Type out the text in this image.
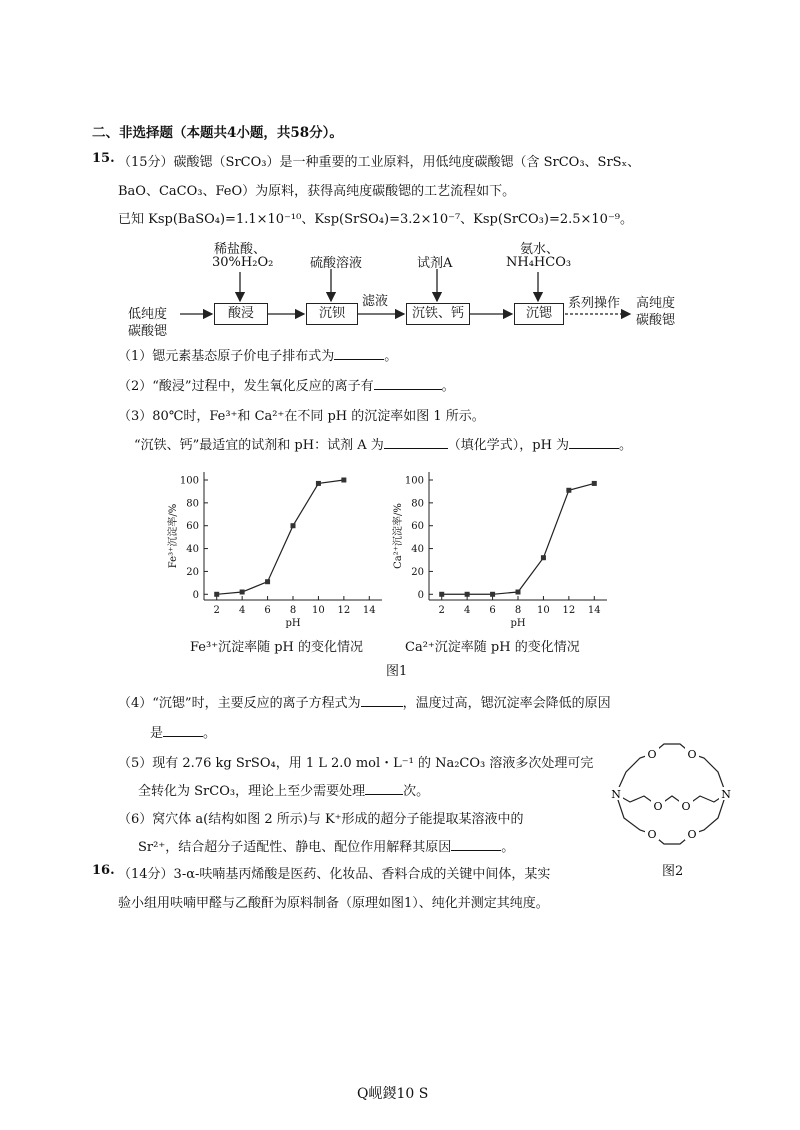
二、非选择题（本题共4小题，共58分）。
15. （15分）碳酸锶（SrCO₃）是一种重要的工业原料，用低纯度碳酸锶（含 SrCO₃、SrSₓ、
BaO、CaCO₃、FeO）为原料，获得高纯度碳酸锶的工艺流程如下。
已知 Ksp(BaSO₄)=1.1×10⁻¹⁰、Ksp(SrSO₄)=3.2×10⁻⁷、Ksp(SrCO₃)=2.5×10⁻⁹。
低纯度
碳酸锶
稀盐酸、
30%H₂O₂
酸浸
硫酸溶液
沉钡
滤液
试剂A
沉铁、钙
氨水、
NH₄HCO₃
沉锶
系列操作 高纯度
碳酸锶
（1）锶元素基态原子价电子排布式为	。
（2）“酸浸”过程中，发生氧化反应的离子有	。
（3）80℃时，Fe³⁺和 Ca²⁺在不同 pH 的沉淀率如图 1 所示。
“沉铁、钙”最适宜的试剂和 pH：试剂 A 为	（填化学式），pH 为	。
2 4 6 8 10 12 14
0
20
40
60
80
100
pH
Fe³⁺沉淀率/%
2 4 6 8 10 12 14
0
20
40
60
80
100
pH
Ca²⁺沉淀率/%
Fe³⁺沉淀率随 pH 的变化情况	Ca²⁺沉淀率随 pH 的变化情况
图1
（4）“沉锶”时，主要反应的离子方程式为	，温度过高，锶沉淀率会降低的原因
是	。
（5）现有 2.76 kg SrSO₄，用 1 L 2.0 mol・L⁻¹ 的 Na₂CO₃ 溶液多次处理可完
全转化为 SrCO₃，理论上至少需要处理	次。
（6）窝穴体 a(结构如图 2 所示)与 K⁺形成的超分子能提取某溶液中的
Sr²⁺，结合超分子适配性、静电、配位作用解释其原因	。
O	O
O O
O	O
N	N
图2
16. （14分）3-α-呋喃基丙烯酸是医药、化妆品、香料合成的关键中间体，某实
验小组用呋喃甲醛与乙酸酐为原料制备（原理如图1）、纯化并测定其纯度。
Q岘鍐10 S
